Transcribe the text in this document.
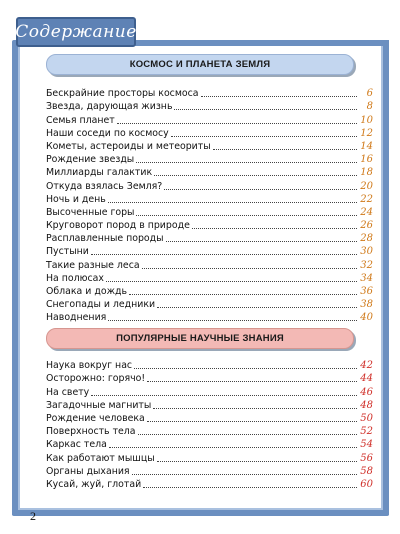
Содержание
КОСМОС И ПЛАНЕТА ЗЕМЛЯ
Бескрайние просторы космоса	6
Звезда, дарующая жизнь	8
Семья планет	10
Наши соседи по космосу	12
Кометы, астероиды и метеориты	14
Рождение звезды	16
Миллиарды галактик	18
Откуда взялась Земля?	20
Ночь и день	22
Высоченные горы	24
Круговорот пород в природе	26
Расплавленные породы	28
Пустыни	30
Такие разные леса	32
На полюсах	34
Облака и дождь	36
Снегопады и ледники	38
Наводнения	40
ПОПУЛЯРНЫЕ НАУЧНЫЕ ЗНАНИЯ
Наука вокруг нас	42
Осторожно: горячо!	44
На свету	46
Загадочные магниты	48
Рождение человека	50
Поверхность тела	52
Каркас тела	54
Как работают мышцы	56
Органы дыхания	58
Кусай, жуй, глотай	60
2
